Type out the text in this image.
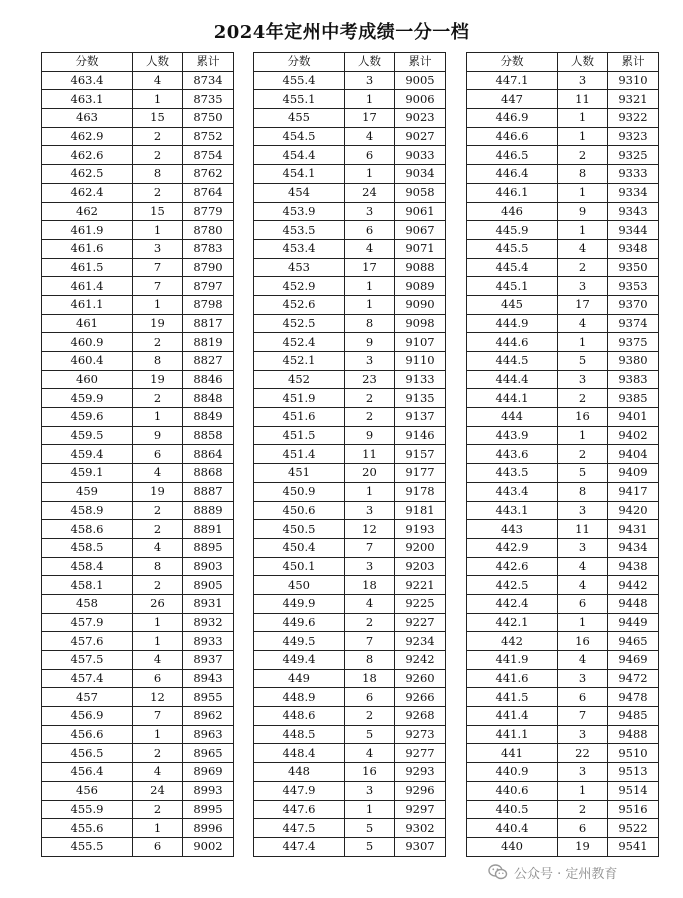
2024年定州中考成绩一分一档
分数	人数	累计
463.4	4	8734
463.1	1	8735
463	15	8750
462.9	2	8752
462.6	2	8754
462.5	8	8762
462.4	2	8764
462	15	8779
461.9	1	8780
461.6	3	8783
461.5	7	8790
461.4	7	8797
461.1	1	8798
461	19	8817
460.9	2	8819
460.4	8	8827
460	19	8846
459.9	2	8848
459.6	1	8849
459.5	9	8858
459.4	6	8864
459.1	4	8868
459	19	8887
458.9	2	8889
458.6	2	8891
458.5	4	8895
458.4	8	8903
458.1	2	8905
458	26	8931
457.9	1	8932
457.6	1	8933
457.5	4	8937
457.4	6	8943
457	12	8955
456.9	7	8962
456.6	1	8963
456.5	2	8965
456.4	4	8969
456	24	8993
455.9	2	8995
455.6	1	8996
455.5	6	9002
分数	人数	累计
455.4	3	9005
455.1	1	9006
455	17	9023
454.5	4	9027
454.4	6	9033
454.1	1	9034
454	24	9058
453.9	3	9061
453.5	6	9067
453.4	4	9071
453	17	9088
452.9	1	9089
452.6	1	9090
452.5	8	9098
452.4	9	9107
452.1	3	9110
452	23	9133
451.9	2	9135
451.6	2	9137
451.5	9	9146
451.4	11	9157
451	20	9177
450.9	1	9178
450.6	3	9181
450.5	12	9193
450.4	7	9200
450.1	3	9203
450	18	9221
449.9	4	9225
449.6	2	9227
449.5	7	9234
449.4	8	9242
449	18	9260
448.9	6	9266
448.6	2	9268
448.5	5	9273
448.4	4	9277
448	16	9293
447.9	3	9296
447.6	1	9297
447.5	5	9302
447.4	5	9307
分数	人数	累计
447.1	3	9310
447	11	9321
446.9	1	9322
446.6	1	9323
446.5	2	9325
446.4	8	9333
446.1	1	9334
446	9	9343
445.9	1	9344
445.5	4	9348
445.4	2	9350
445.1	3	9353
445	17	9370
444.9	4	9374
444.6	1	9375
444.5	5	9380
444.4	3	9383
444.1	2	9385
444	16	9401
443.9	1	9402
443.6	2	9404
443.5	5	9409
443.4	8	9417
443.1	3	9420
443	11	9431
442.9	3	9434
442.6	4	9438
442.5	4	9442
442.4	6	9448
442.1	1	9449
442	16	9465
441.9	4	9469
441.6	3	9472
441.5	6	9478
441.4	7	9485
441.1	3	9488
441	22	9510
440.9	3	9513
440.6	1	9514
440.5	2	9516
440.4	6	9522
440	19	9541
公众号 · 定州教育
